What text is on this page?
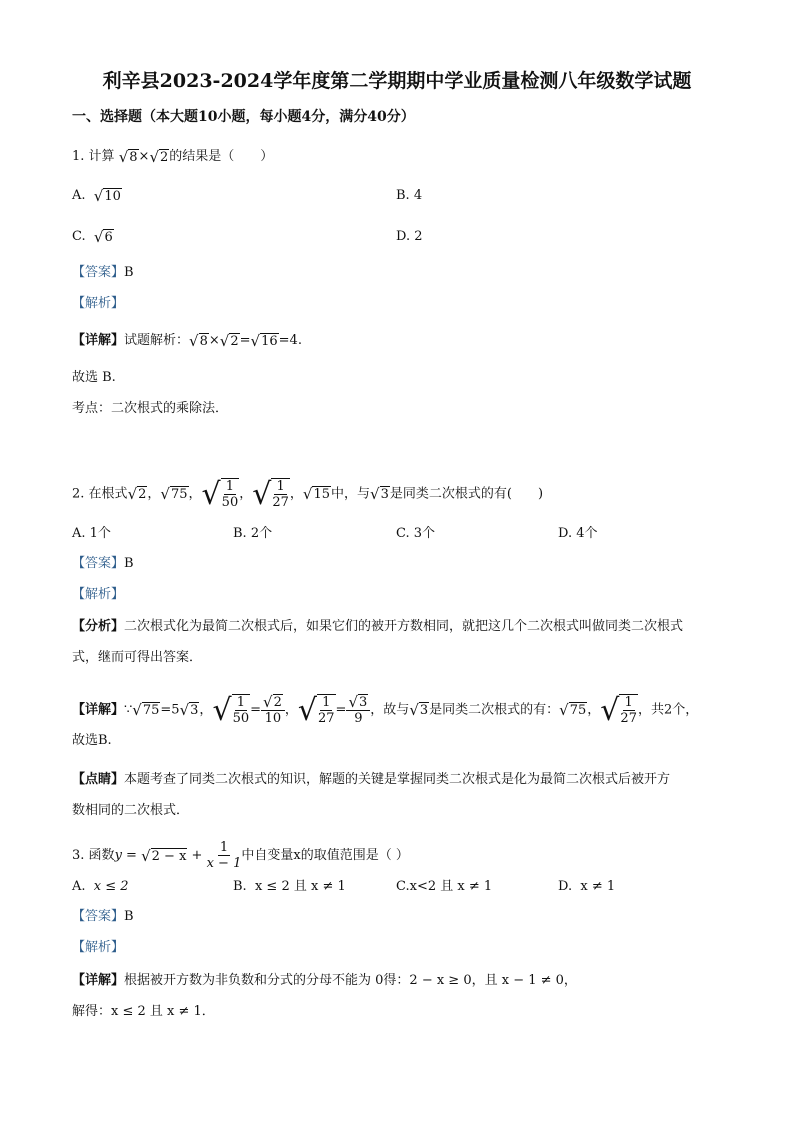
利辛县2023-2024学年度第二学期期中学业质量检测八年级数学试题
一、选择题（本大题10小题，每小题4分，满分40分）
1. 计算 √ 8 × √ 2 的结果是（　　）
A. √ 10	B. 4
C. √ 6	D. 2
【答案】B
【解析】
【详解】试题解析： √ 8 × √ 2 = √ 16 =4.
故选 B.
考点：二次根式的乘除法．
2. 在根式 √ 2 ， √ 75 ， √ $\frac{1}{50}$ ， √ $\frac{1}{27}$ ， √ 15 中，与 √ 3 是同类二次根式的有(　　)
A. 1个	B. 2个	C. 3个	D. 4个
【答案】B
【解析】
【分析】二次根式化为最简二次根式后，如果它们的被开方数相同，就把这几个二次根式叫做同类二次根式
式，继而可得出答案．
【详解】∵ √ 75 =5 √ 3 ， √ $\frac{1}{50} = \frac{√ 2}{10}$ ， √ $\frac{1}{27} = \frac{√ 3}{9}$ ，故与 √ 3 是同类二次根式的有： √ 75 ， √ $\frac{1}{27}$ ，共2个，
故选B.
【点睛】本题考查了同类二次根式的知识，解题的关键是掌握同类二次根式是化为最简二次根式后被开方
数相同的二次根式．
3. 函数y = √ $2 - x + \frac{1}{x - 1}$ 中自变量x的取值范围是（ ）
A. x ≤ 2	B. x ≤ 2 且 x ≠ 1	C.x<2 且 x ≠ 1	D. x ≠ 1
【答案】B
【解析】
【详解】根据被开方数为非负数和分式的分母不能为 0得：2 − x ≥ 0，且 x − 1 ≠ 0，
解得：x ≤ 2 且 x ≠ 1．
